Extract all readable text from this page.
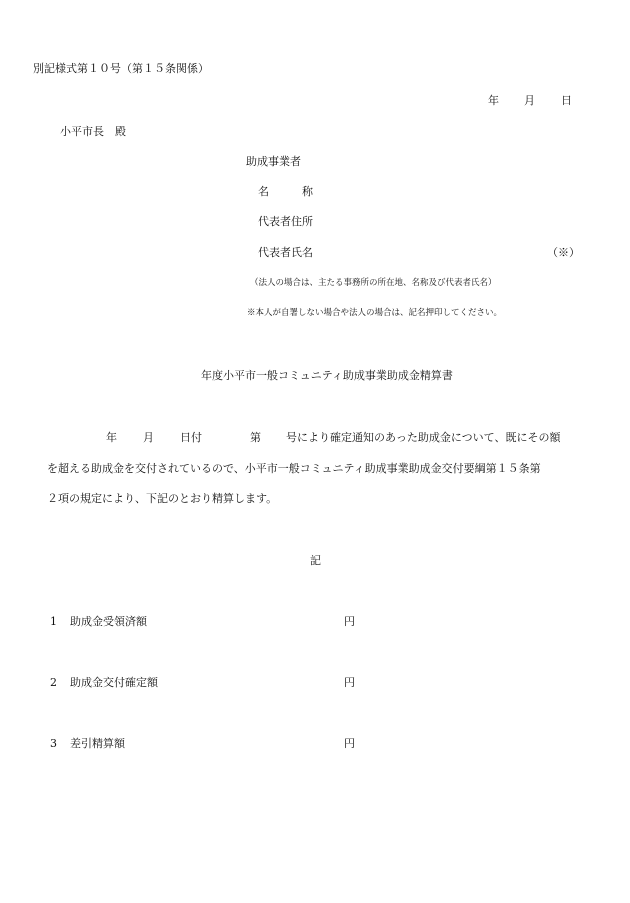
別記様式第１０号（第１５条関係）
年 月 日
小平市長　殿
助成事業者
名　　　称
代表者住所
代表者氏名	（※）
（法人の場合は、主たる事務所の所在地、名称及び代表者氏名）
※本人が自署しない場合や法人の場合は、記名押印してください。
年度小平市一般コミュニティ助成事業助成金精算書
年 月 日付	第 号により確定通知のあった助成金について、既にその額
を超える助成金を交付されているので、小平市一般コミュニティ助成事業助成金交付要綱第１５条第
２項の規定により、下記のとおり精算します。
記
1 助成金受領済額	円
2 助成金交付確定額	円
3 差引精算額	円
